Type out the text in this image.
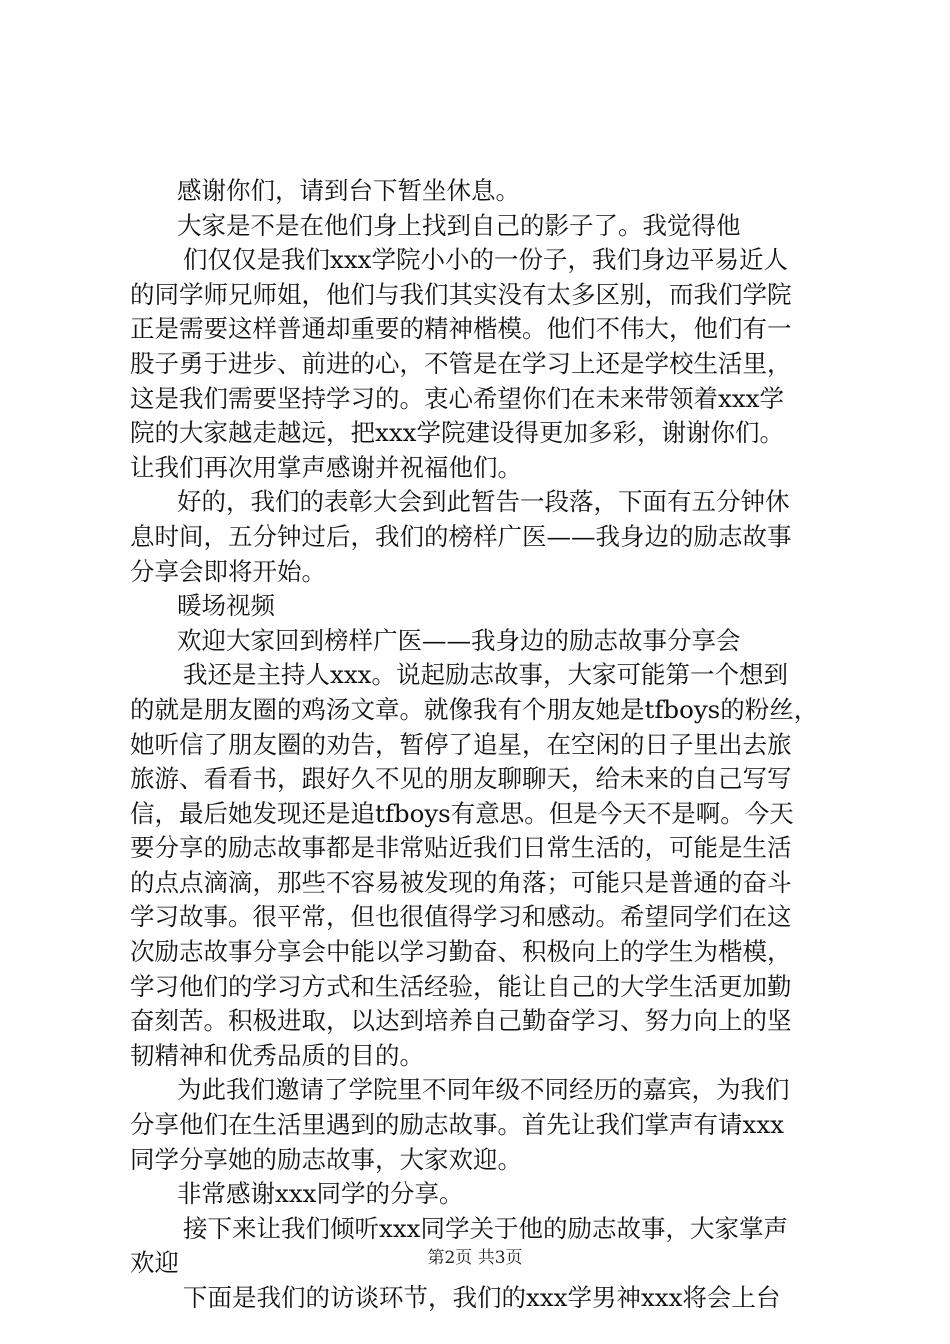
感谢你们，请到台下暂坐休息。
大家是不是在他们身上找到自己的影子了。我觉得他
们仅仅是我们xxx学院小小的一份子，我们身边平易近人
的同学师兄师姐，他们与我们其实没有太多区别，而我们学院
正是需要这样普通却重要的精神楷模。他们不伟大，他们有一
股子勇于进步、前进的心，不管是在学习上还是学校生活里，
这是我们需要坚持学习的。衷心希望你们在未来带领着xxx学
院的大家越走越远，把xxx学院建设得更加多彩，谢谢你们。
让我们再次用掌声感谢并祝福他们。
好的，我们的表彰大会到此暂告一段落，下面有五分钟休
息时间，五分钟过后，我们的榜样广医——我身边的励志故事
分享会即将开始。
暖场视频
欢迎大家回到榜样广医——我身边的励志故事分享会
我还是主持人xxx。说起励志故事，大家可能第一个想到
的就是朋友圈的鸡汤文章。就像我有个朋友她是tfboys的粉丝，
她听信了朋友圈的劝告，暂停了追星，在空闲的日子里出去旅
旅游、看看书，跟好久不见的朋友聊聊天，给未来的自己写写
信，最后她发现还是追tfboys有意思。但是今天不是啊。今天
要分享的励志故事都是非常贴近我们日常生活的，可能是生活
的点点滴滴，那些不容易被发现的角落；可能只是普通的奋斗
学习故事。很平常，但也很值得学习和感动。希望同学们在这
次励志故事分享会中能以学习勤奋、积极向上的学生为楷模，
学习他们的学习方式和生活经验，能让自己的大学生活更加勤
奋刻苦。积极进取，以达到培养自己勤奋学习、努力向上的坚
韧精神和优秀品质的目的。
为此我们邀请了学院里不同年级不同经历的嘉宾，为我们
分享他们在生活里遇到的励志故事。首先让我们掌声有请xxx
同学分享她的励志故事，大家欢迎。
非常感谢xxx同学的分享。
接下来让我们倾听xxx同学关于他的励志故事，大家掌声
欢迎
下面是我们的访谈环节，我们的xxx学男神xxx将会上台
第2页 共3页
